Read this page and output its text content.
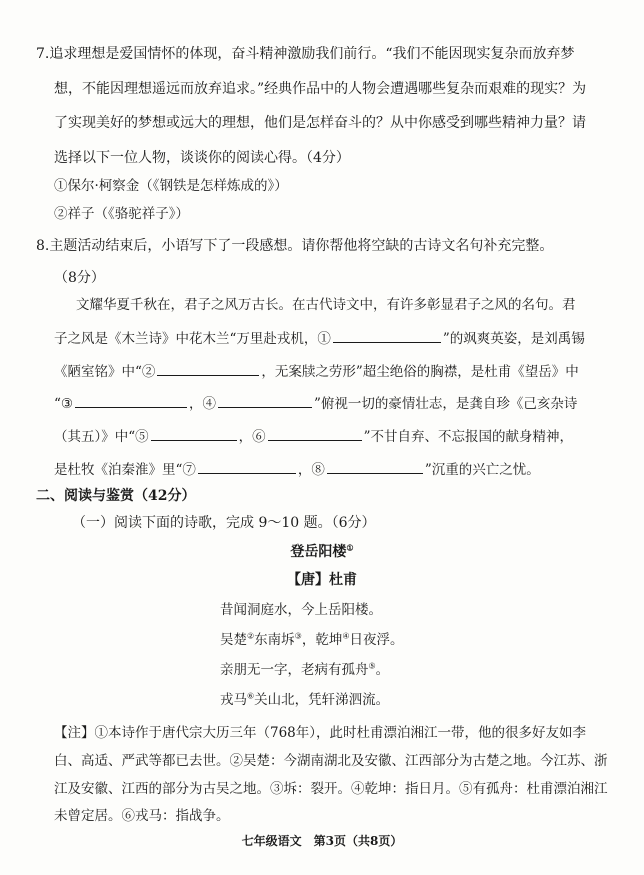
7.追求理想是爱国情怀的体现，奋斗精神激励我们前行。“我们不能因现实复杂而放弃梦
想，不能因理想遥远而放弃追求。”经典作品中的人物会遭遇哪些复杂而艰难的现实？为
了实现美好的梦想或远大的理想，他们是怎样奋斗的？从中你感受到哪些精神力量？请
选择以下一位人物，谈谈你的阅读心得。（4分）
①保尔·柯察金（《钢铁是怎样炼成的》）
②祥子（《骆驼祥子》）
8.主题活动结束后，小语写下了一段感想。请你帮他将空缺的古诗文名句补充完整。
（8分）
文耀华夏千秋在，君子之风万古长。在古代诗文中，有许多彰显君子之风的名句。君
子之风是《木兰诗》中花木兰“万里赴戎机，①	”的飒爽英姿，是刘禹锡
《陋室铭》中“②	，无案牍之劳形”超尘绝俗的胸襟，是杜甫《望岳》中
“③	，④	”俯视一切的豪情壮志，是龚自珍《己亥杂诗
（其五）》中“⑤	，⑥	”不甘自弃、不忘报国的献身精神，
是杜牧《泊秦淮》里“⑦	，⑧	”沉重的兴亡之忧。
二、阅读与鉴赏（42分）
（一）阅读下面的诗歌，完成 9～10 题。（6分）
登岳阳楼①
【唐】杜甫
昔闻洞庭水，今上岳阳楼。
吴楚②东南坼③，乾坤④日夜浮。
亲朋无一字，老病有孤舟⑤。
戎马⑥关山北，凭轩涕泗流。
【注】①本诗作于唐代宗大历三年（768年），此时杜甫漂泊湘江一带，他的很多好友如李
白、高适、严武等都已去世。②吴楚：今湖南湖北及安徽、江西部分为古楚之地。今江苏、浙
江及安徽、江西的部分为古吴之地。③坼：裂开。④乾坤：指日月。⑤有孤舟：杜甫漂泊湘江
未曾定居。⑥戎马：指战争。
七年级语文　第3页（共8页）
